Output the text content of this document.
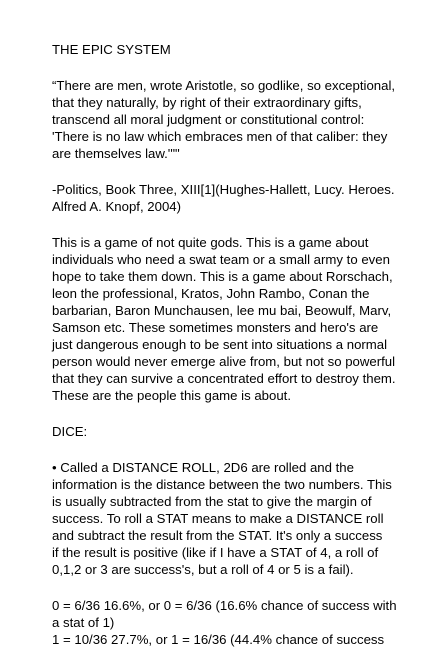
THE EPIC SYSTEM

“There are men, wrote Aristotle, so godlike, so exceptional,
that they naturally, by right of their extraordinary gifts,
transcend all moral judgment or constitutional control:
'There is no law which embraces men of that caliber: they
are themselves law.'""

-Politics, Book Three, XIII[1](Hughes-Hallett, Lucy. Heroes.
Alfred A. Knopf, 2004)

This is a game of not quite gods. This is a game about
individuals who need a swat team or a small army to even
hope to take them down. This is a game about Rorschach,
leon the professional, Kratos, John Rambo, Conan the
barbarian, Baron Munchausen, lee mu bai, Beowulf, Marv,
Samson etc. These sometimes monsters and hero's are
just dangerous enough to be sent into situations a normal
person would never emerge alive from, but not so powerful
that they can survive a concentrated effort to destroy them.
These are the people this game is about.

DICE:

• Called a DISTANCE ROLL, 2D6 are rolled and the
information is the distance between the two numbers. This
is usually subtracted from the stat to give the margin of
success. To roll a STAT means to make a DISTANCE roll
and subtract the result from the STAT. It's only a success
if the result is positive (like if I have a STAT of 4, a roll of
0,1,2 or 3 are success's, but a roll of 4 or 5 is a fail).

0 = 6/36 16.6%, or 0 = 6/36 (16.6% chance of success with
a stat of 1)
1 = 10/36 27.7%, or 1 = 16/36 (44.4% chance of success
